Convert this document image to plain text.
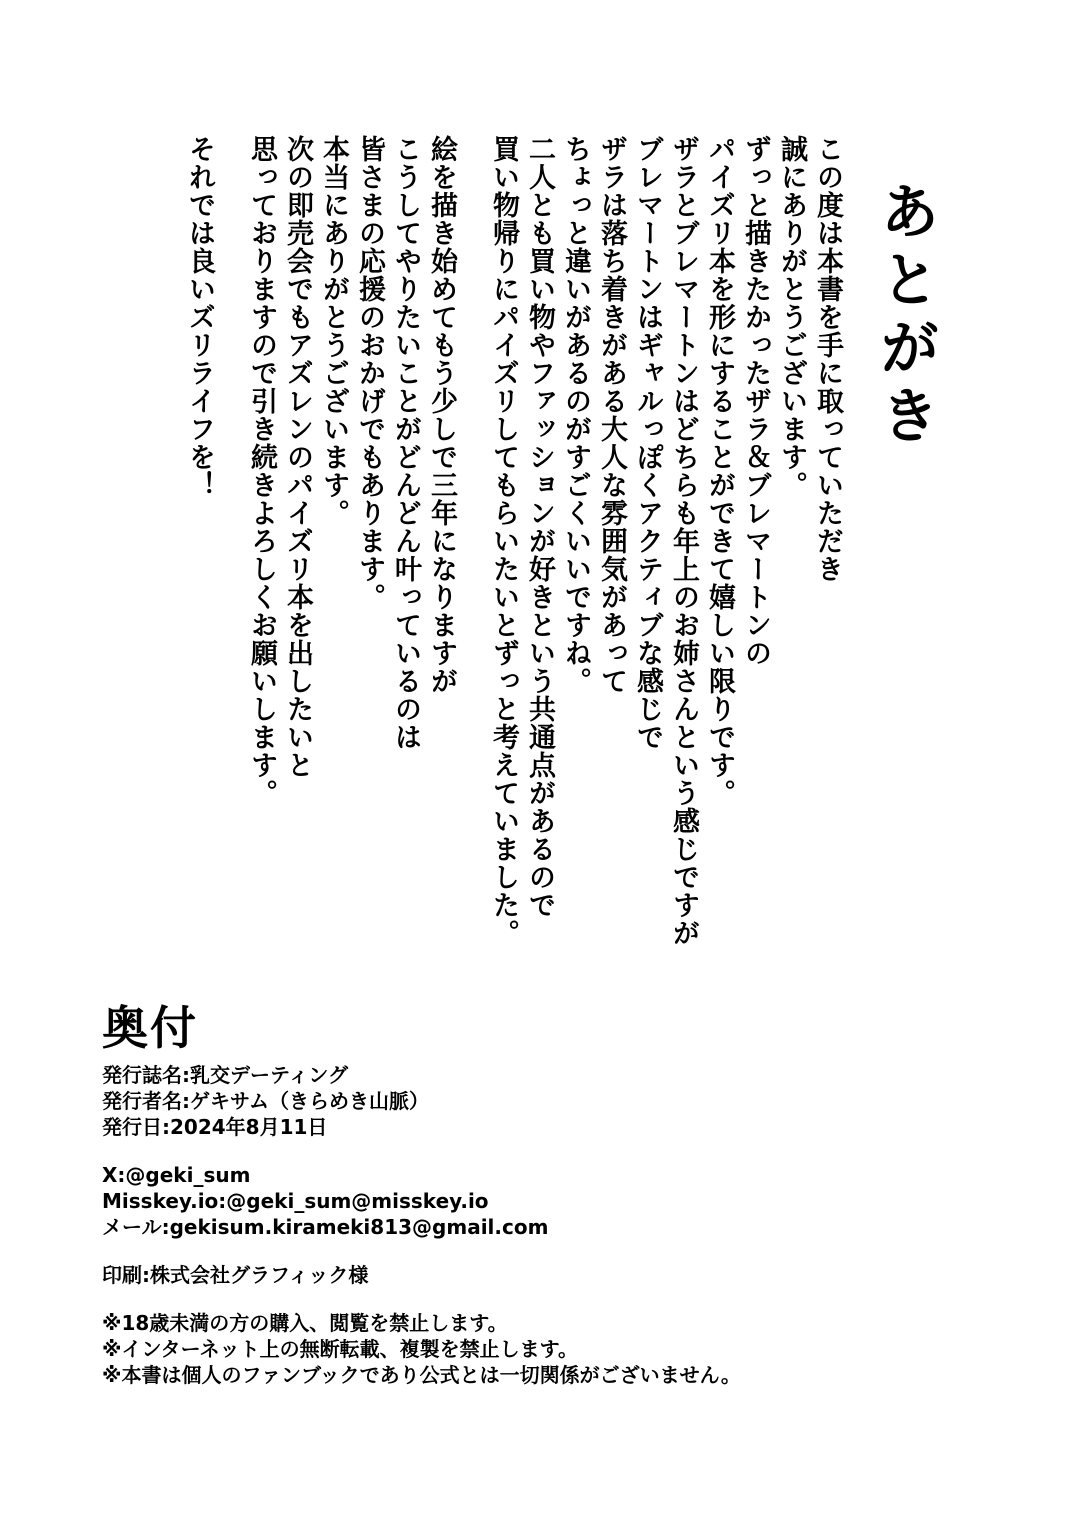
あとがき
この度は本書を手に取っていただき
誠にありがとうございます。
ずっと描きたかったザラ＆ブレマートンの
パイズリ本を形にすることができて嬉しい限りです。
ザラとブレマートンはどちらも年上のお姉さんという感じですが
ブレマートンはギャルっぽくアクティブな感じで
ザラは落ち着きがある大人な雰囲気があって
ちょっと違いがあるのがすごくいいですね。
二人とも買い物やファッションが好きという共通点があるので
買い物帰りにパイズリしてもらいたいとずっと考えていました。
絵を描き始めてもう少しで三年になりますが
こうしてやりたいことがどんどん叶っているのは
皆さまの応援のおかげでもあります。
本当にありがとうございます。
次の即売会でもアズレンのパイズリ本を出したいと
思っておりますので引き続きよろしくお願いします。
それでは良いズリライフを！
奥付
発行誌名:乳交デーティング
発行者名:ゲキサム（きらめき山脈）
発行日:2024年8月11日
X:@geki_sum
Misskey.io:@geki_sum@misskey.io
メール:gekisum.kirameki813@gmail.com
印刷:株式会社グラフィック様
※18歳未満の方の購入、閲覧を禁止します。
※インターネット上の無断転載、複製を禁止します。
※本書は個人のファンブックであり公式とは一切関係がございません。
